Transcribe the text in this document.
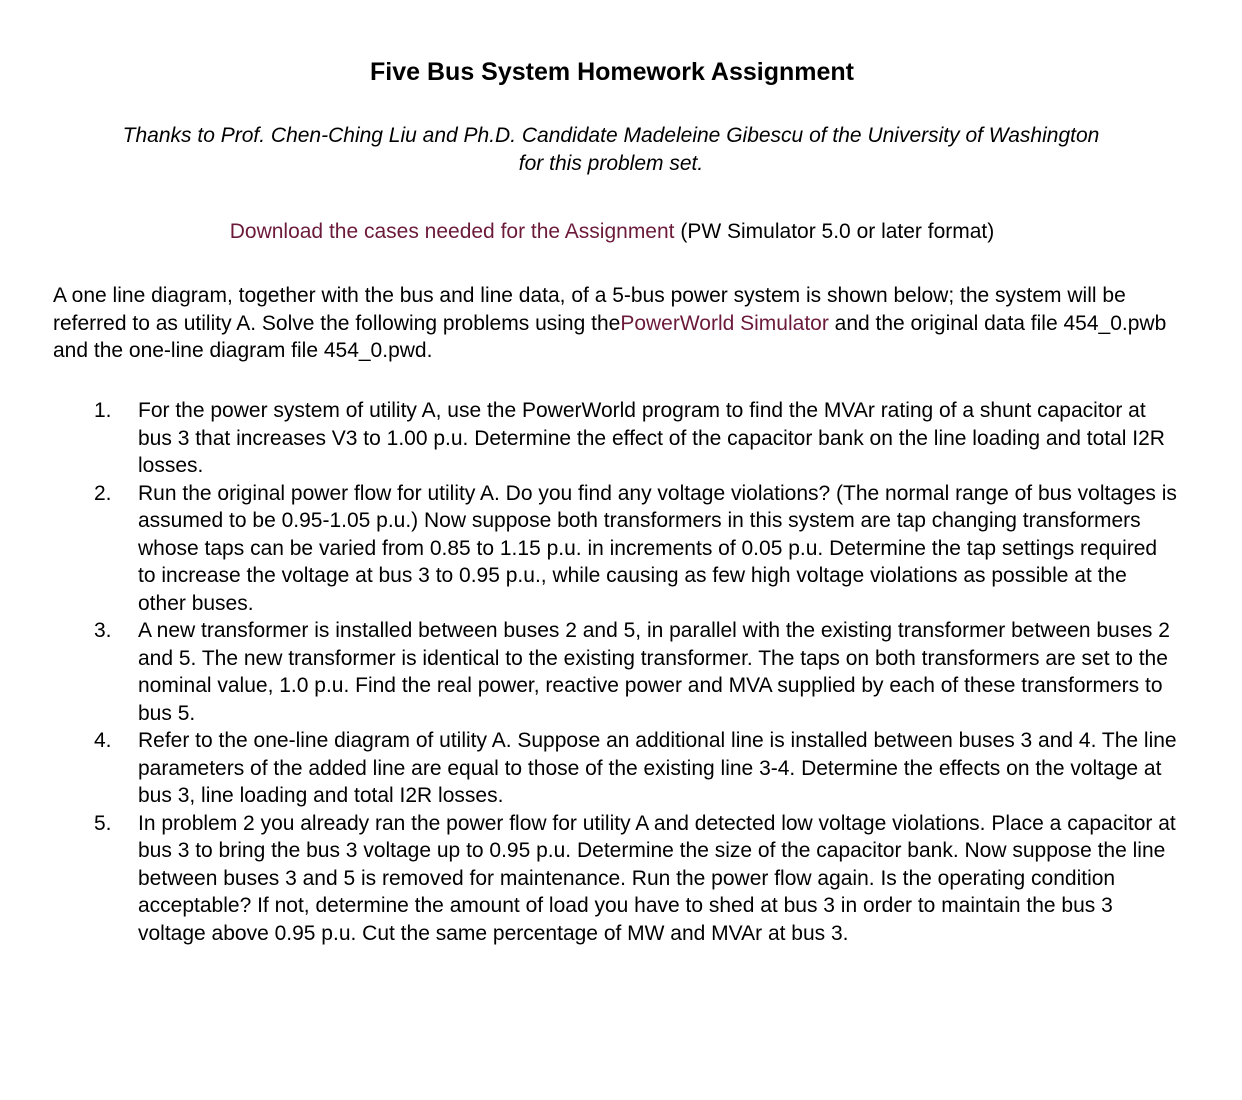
Five Bus System Homework Assignment

Thanks to Prof. Chen-Ching Liu and Ph.D. Candidate Madeleine Gibescu of the University of Washington
for this problem set.

Download the cases needed for the Assignment (PW Simulator 5.0 or later format)

A one line diagram, together with the bus and line data, of a 5-bus power system is shown below; the system will be referred to as utility A. Solve the following problems using thePowerWorld Simulator and the original data file 454_0.pwb and the one-line diagram file 454_0.pwd.

1.	For the power system of utility A, use the PowerWorld program to find the MVAr rating of a shunt capacitor at bus 3 that increases V3 to 1.00 p.u. Determine the effect of the capacitor bank on the line loading and total I2R losses.
2.	Run the original power flow for utility A. Do you find any voltage violations? (The normal range of bus voltages is assumed to be 0.95-1.05 p.u.) Now suppose both transformers in this system are tap changing transformers whose taps can be varied from 0.85 to 1.15 p.u. in increments of 0.05 p.u. Determine the tap settings required to increase the voltage at bus 3 to 0.95 p.u., while causing as few high voltage violations as possible at the other buses.
3.	A new transformer is installed between buses 2 and 5, in parallel with the existing transformer between buses 2 and 5. The new transformer is identical to the existing transformer. The taps on both transformers are set to the nominal value, 1.0 p.u. Find the real power, reactive power and MVA supplied by each of these transformers to bus 5.
4.	Refer to the one-line diagram of utility A. Suppose an additional line is installed between buses 3 and 4. The line parameters of the added line are equal to those of the existing line 3-4. Determine the effects on the voltage at bus 3, line loading and total I2R losses.
5.	In problem 2 you already ran the power flow for utility A and detected low voltage violations. Place a capacitor at bus 3 to bring the bus 3 voltage up to 0.95 p.u. Determine the size of the capacitor bank. Now suppose the line between buses 3 and 5 is removed for maintenance. Run the power flow again. Is the operating condition acceptable? If not, determine the amount of load you have to shed at bus 3 in order to maintain the bus 3 voltage above 0.95 p.u. Cut the same percentage of MW and MVAr at bus 3.
